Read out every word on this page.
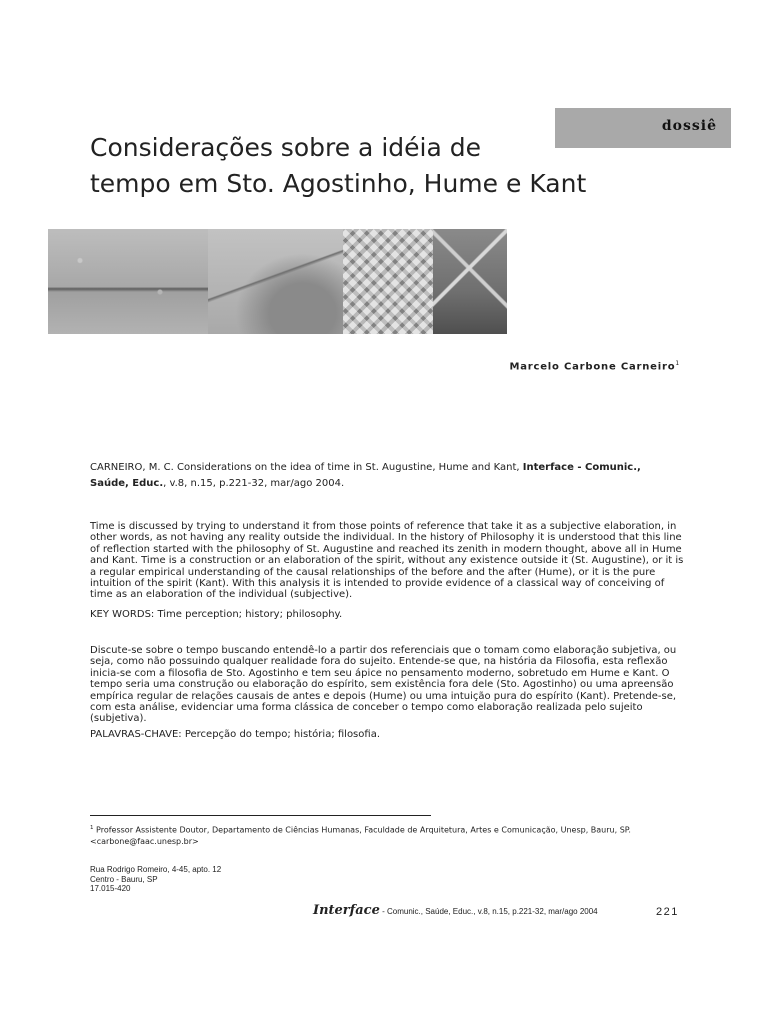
dossiê
Considerações sobre a idéia de
tempo em Sto. Agostinho, Hume e Kant
Marcelo Carbone Carneiro$^1$

CARNEIRO, M. C. Considerations on the idea of time in St. Augustine, Hume and Kant, Interface - Comunic., Saúde, Educ., v.8, n.15, p.221-32, mar/ago 2004.

Time is discussed by trying to understand it from those points of reference that take it as a subjective elaboration, in other words, as not having any reality outside the individual. In the history of Philosophy it is understood that this line of reflection started with the philosophy of St. Augustine and reached its zenith in modern thought, above all in Hume and Kant. Time is a construction or an elaboration of the spirit, without any existence outside it (St. Augustine), or it is a regular empirical understanding of the causal relationships of the before and the after (Hume), or it is the pure intuition of the spirit (Kant). With this analysis it is intended to provide evidence of a classical way of conceiving of time as an elaboration of the individual (subjective).

KEY WORDS: Time perception; history; philosophy.

Discute-se sobre o tempo buscando entendê-lo a partir dos referenciais que o tomam como elaboração subjetiva, ou seja, como não possuindo qualquer realidade fora do sujeito. Entende-se que, na história da Filosofia, esta reflexão inicia-se com a filosofia de Sto. Agostinho e tem seu ápice no pensamento moderno, sobretudo em Hume e Kant. O tempo seria uma construção ou elaboração do espírito, sem existência fora dele (Sto. Agostinho) ou uma apreensão empírica regular de relações causais de antes e depois (Hume) ou uma intuição pura do espírito (Kant). Pretende-se, com esta análise, evidenciar uma forma clássica de conceber o tempo como elaboração realizada pelo sujeito (subjetiva).

PALAVRAS-CHAVE: Percepção do tempo; história; filosofia.

$^1$ Professor Assistente Doutor, Departamento de Ciências Humanas, Faculdade de Arquitetura, Artes e Comunicação, Unesp, Bauru, SP.
<carbone@faac.unesp.br>

Rua Rodrigo Romeiro, 4-45, apto. 12
Centro - Bauru, SP
17.015-420
Interface - Comunic., Saúde, Educ., v.8, n.15, p.221-32, mar/ago 2004	221
